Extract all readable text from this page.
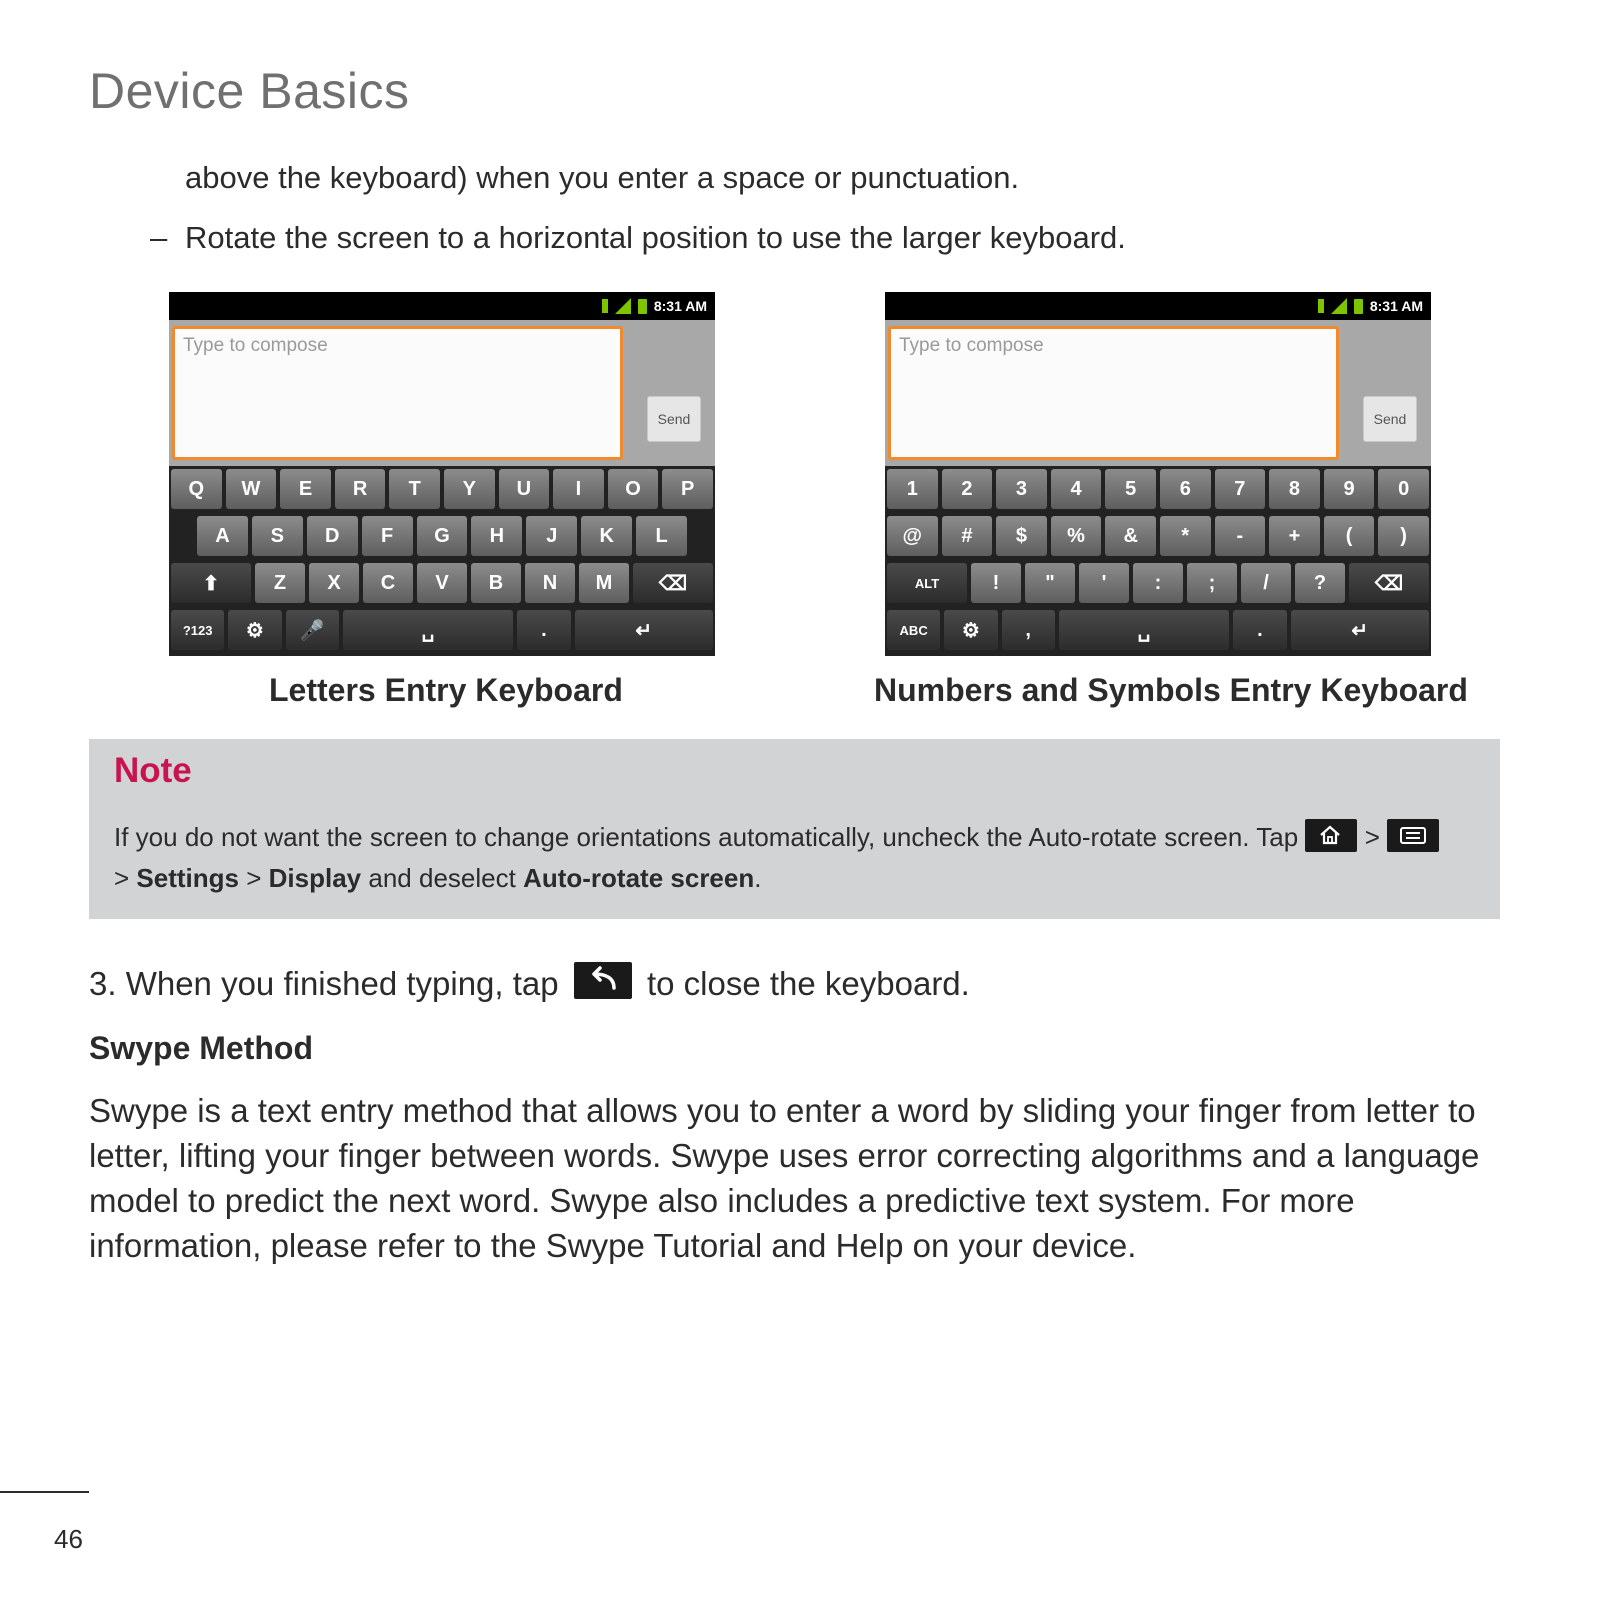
Device Basics
above the keyboard) when you enter a space or punctuation.
– Rotate the screen to a horizontal position to use the larger keyboard.
8:31 AM
Type to compose
Send
Q	W	E	R	T	Y	U	I	O	P
A	S	D	F	G	H	J	K	L
⬆	Z	X	C	V	B	N	M	⌫
?123	⚙	🎤	␣	.	↵
8:31 AM
Type to compose
Send
1	2	3	4	5	6	7	8	9	0
@	#	$	%	&	*	-	+	(	)
ALT	!	"	'	:	;	/	?	⌫
ABC	⚙	,	␣	.	↵
Letters Entry Keyboard	Numbers and Symbols Entry Keyboard
Note
If you do not want the screen to change orientations automatically, uncheck the Auto-rotate screen. Tap	>

> Settings > Display and deselect Auto-rotate screen.
3. When you finished typing, tap	to close the keyboard.
Swype Method
Swype is a text entry method that allows you to enter a word by sliding your finger from letter to letter, lifting your finger between words. Swype uses error correcting algorithms and a language model to predict the next word. Swype also includes a predictive text system. For more information, please refer to the Swype Tutorial and Help on your device.
46
